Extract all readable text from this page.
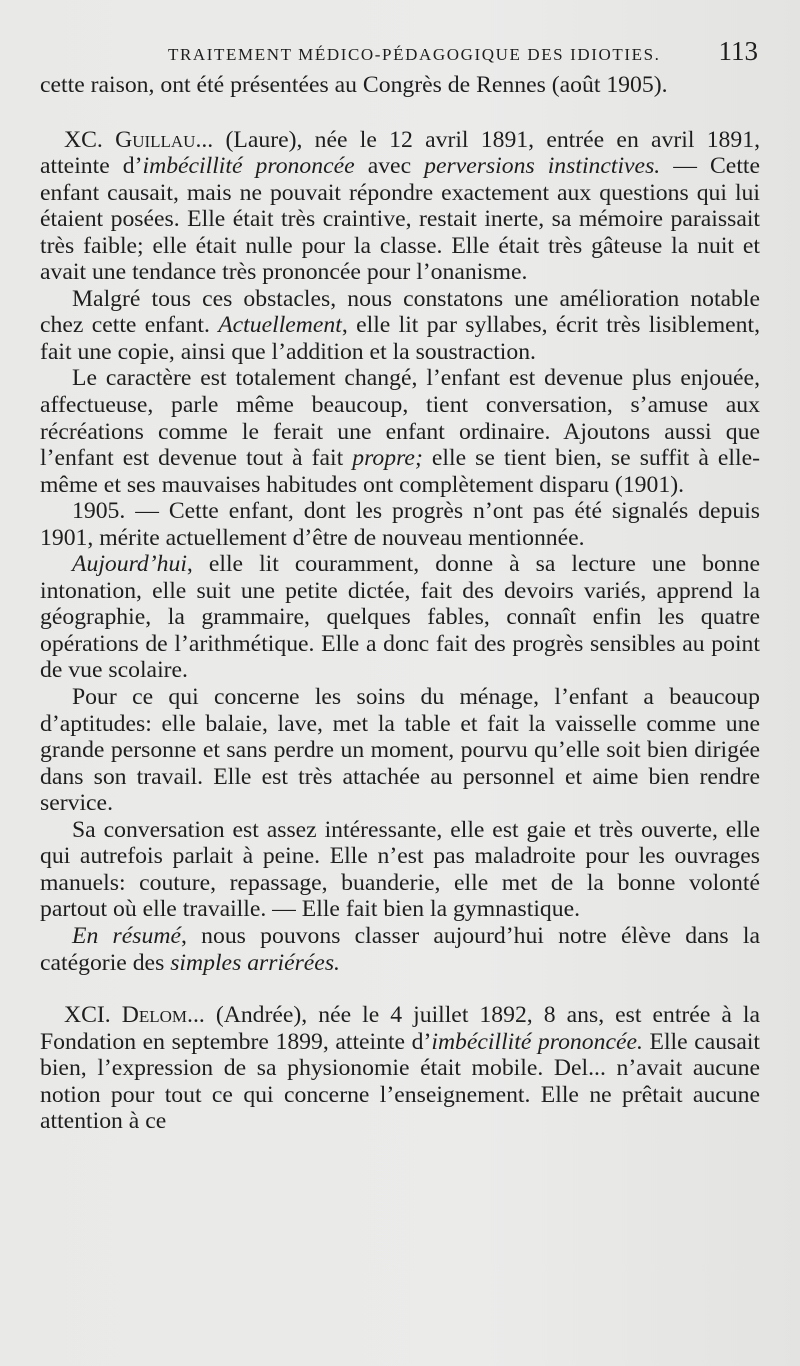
TRAITEMENT MÉDICO-PÉDAGOGIQUE DES IDIOTIES.	113

cette raison, ont été présentées au Congrès de Rennes (août 1905).

XC. Guillau... (Laure), née le 12 avril 1891, entrée en avril 1891, atteinte d’imbécillité prononcée avec perversions instinctives. — Cette enfant causait, mais ne pouvait répondre exactement aux questions qui lui étaient posées. Elle était très craintive, restait inerte, sa mémoire paraissait très faible; elle était nulle pour la classe. Elle était très gâteuse la nuit et avait une tendance très prononcée pour l’onanisme.

Malgré tous ces obstacles, nous constatons une amélioration notable chez cette enfant. Actuellement, elle lit par syllabes, écrit très lisiblement, fait une copie, ainsi que l’addition et la soustraction.

Le caractère est totalement changé, l’enfant est devenue plus enjouée, affectueuse, parle même beaucoup, tient conversation, s’amuse aux récréations comme le ferait une enfant ordinaire. Ajoutons aussi que l’enfant est devenue tout à fait propre; elle se tient bien, se suffit à elle-même et ses mauvaises habitudes ont complètement disparu (1901).

1905. — Cette enfant, dont les progrès n’ont pas été signalés depuis 1901, mérite actuellement d’être de nouveau mentionnée.

Aujourd’hui, elle lit couramment, donne à sa lecture une bonne intonation, elle suit une petite dictée, fait des devoirs variés, apprend la géographie, la grammaire, quelques fables, connaît enfin les quatre opérations de l’arithmétique. Elle a donc fait des progrès sensibles au point de vue scolaire.

Pour ce qui concerne les soins du ménage, l’enfant a beaucoup d’aptitudes: elle balaie, lave, met la table et fait la vaisselle comme une grande personne et sans perdre un moment, pourvu qu’elle soit bien dirigée dans son travail. Elle est très attachée au personnel et aime bien rendre service.

Sa conversation est assez intéressante, elle est gaie et très ouverte, elle qui autrefois parlait à peine. Elle n’est pas maladroite pour les ouvrages manuels: couture, repassage, buanderie, elle met de la bonne volonté partout où elle travaille. — Elle fait bien la gymnastique.

En résumé, nous pouvons classer aujourd’hui notre élève dans la catégorie des simples arriérées.

XCI. Delom... (Andrée), née le 4 juillet 1892, 8 ans, est entrée à la Fondation en septembre 1899, atteinte d’imbécillité prononcée. Elle causait bien, l’expression de sa physionomie était mobile. Del... n’avait aucune notion pour tout ce qui concerne l’enseignement. Elle ne prêtait aucune attention à ce
